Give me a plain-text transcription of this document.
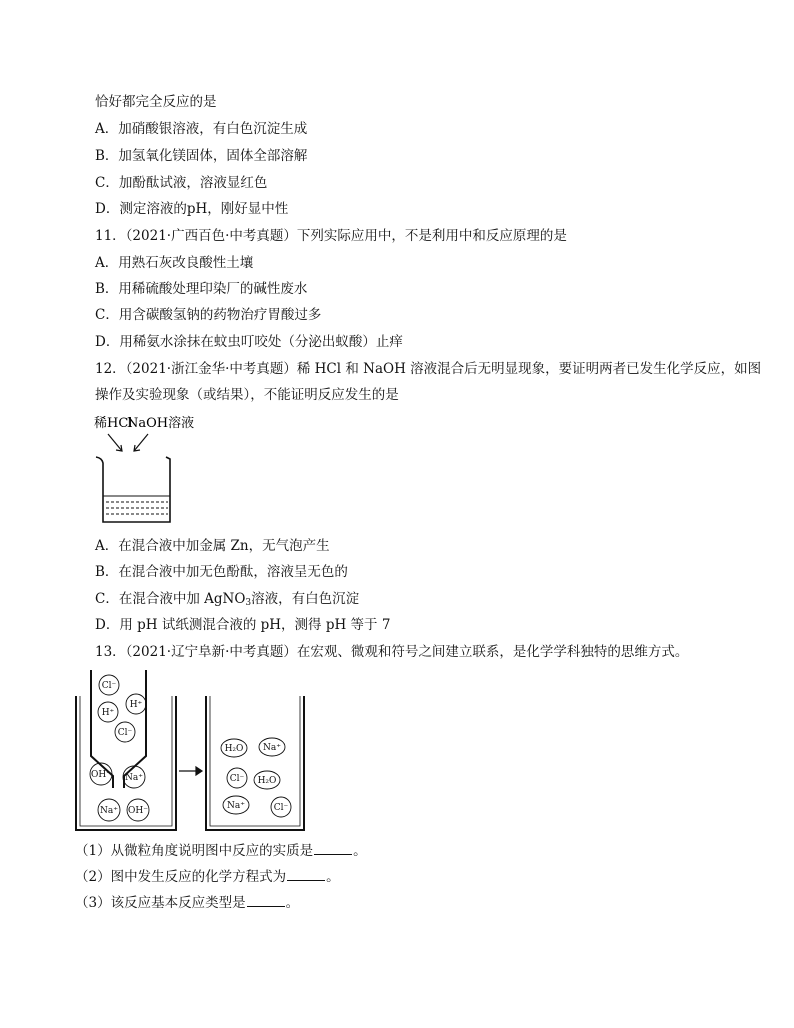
恰好都完全反应的是
A．加硝酸银溶液，有白色沉淀生成
B．加氢氧化镁固体，固体全部溶解
C．加酚酞试液，溶液显红色
D．测定溶液的pH，刚好显中性
11．（2021·广西百色·中考真题）下列实际应用中，不是利用中和反应原理的是
A．用熟石灰改良酸性土壤
B．用稀硫酸处理印染厂的碱性废水
C．用含碳酸氢钠的药物治疗胃酸过多
D．用稀氨水涂抹在蚊虫叮咬处（分泌出蚁酸）止痒
12．（2021·浙江金华·中考真题）稀 HCl 和 NaOH 溶液混合后无明显现象，要证明两者已发生化学反应，如图
操作及实验现象（或结果），不能证明反应发生的是
稀HCl
NaOH溶液
A．在混合液中加金属 Zn，无气泡产生
B．在混合液中加无色酚酞，溶液呈无色的
C．在混合液中加 AgNO$_3$溶液，有白色沉淀
D．用 pH 试纸测混合液的 pH，测得 pH 等于 7
13．（2021·辽宁阜新·中考真题）在宏观、微观和符号之间建立联系，是化学学科独特的思维方式。
Cl⁻
H⁺
H⁺
Cl⁻
OH⁻ Na⁺
Na⁺ OH⁻
H₂O Na⁺
Cl⁻ H₂O
Na⁺	Cl⁻
（1）从微粒角度说明图中反应的实质是	。
（2）图中发生反应的化学方程式为	。
（3）该反应基本反应类型是	。
